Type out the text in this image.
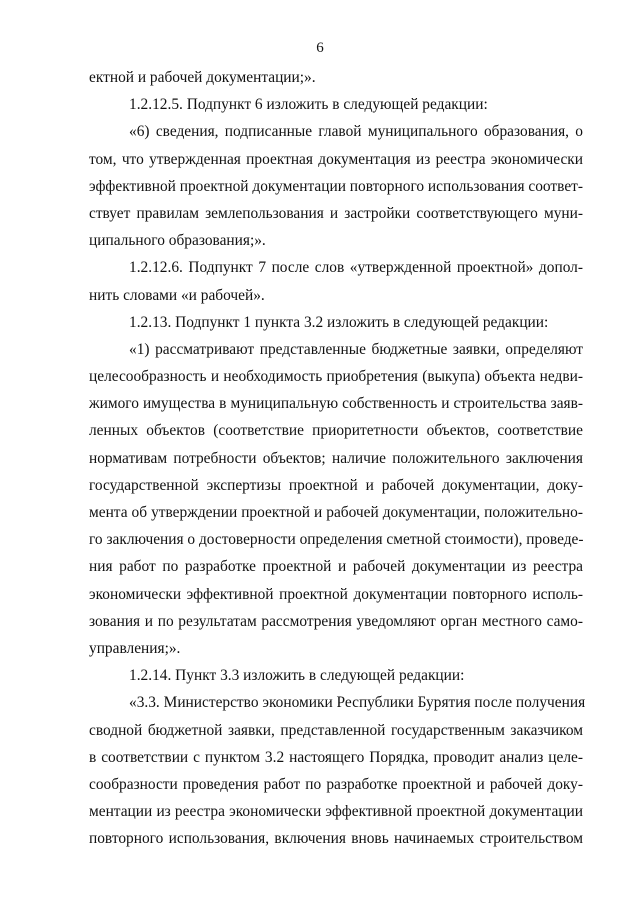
6
ектной и рабочей документации;».
1.2.12.5. Подпункт 6 изложить в следующей редакции:
«6) сведения, подписанные главой муниципального образования, о
том, что утвержденная проектная документация из реестра экономически
эффективной проектной документации повторного использования соответ-
ствует правилам землепользования и застройки соответствующего муни-
ципального образования;».
1.2.12.6. Подпункт 7 после слов «утвержденной проектной» допол-
нить словами «и рабочей».
1.2.13. Подпункт 1 пункта 3.2 изложить в следующей редакции:
«1) рассматривают представленные бюджетные заявки, определяют
целесообразность и необходимость приобретения (выкупа) объекта недви-
жимого имущества в муниципальную собственность и строительства заяв-
ленных объектов (соответствие приоритетности объектов, соответствие
нормативам потребности объектов; наличие положительного заключения
государственной экспертизы проектной и рабочей документации, доку-
мента об утверждении проектной и рабочей документации, положительно-
го заключения о достоверности определения сметной стоимости), проведе-
ния работ по разработке проектной и рабочей документации из реестра
экономически эффективной проектной документации повторного исполь-
зования и по результатам рассмотрения уведомляют орган местного само-
управления;».
1.2.14. Пункт 3.3 изложить в следующей редакции:
«3.3. Министерство экономики Республики Бурятия после получения
сводной бюджетной заявки, представленной государственным заказчиком
в соответствии с пунктом 3.2 настоящего Порядка, проводит анализ целе-
сообразности проведения работ по разработке проектной и рабочей доку-
ментации из реестра экономически эффективной проектной документации
повторного использования, включения вновь начинаемых строительством
